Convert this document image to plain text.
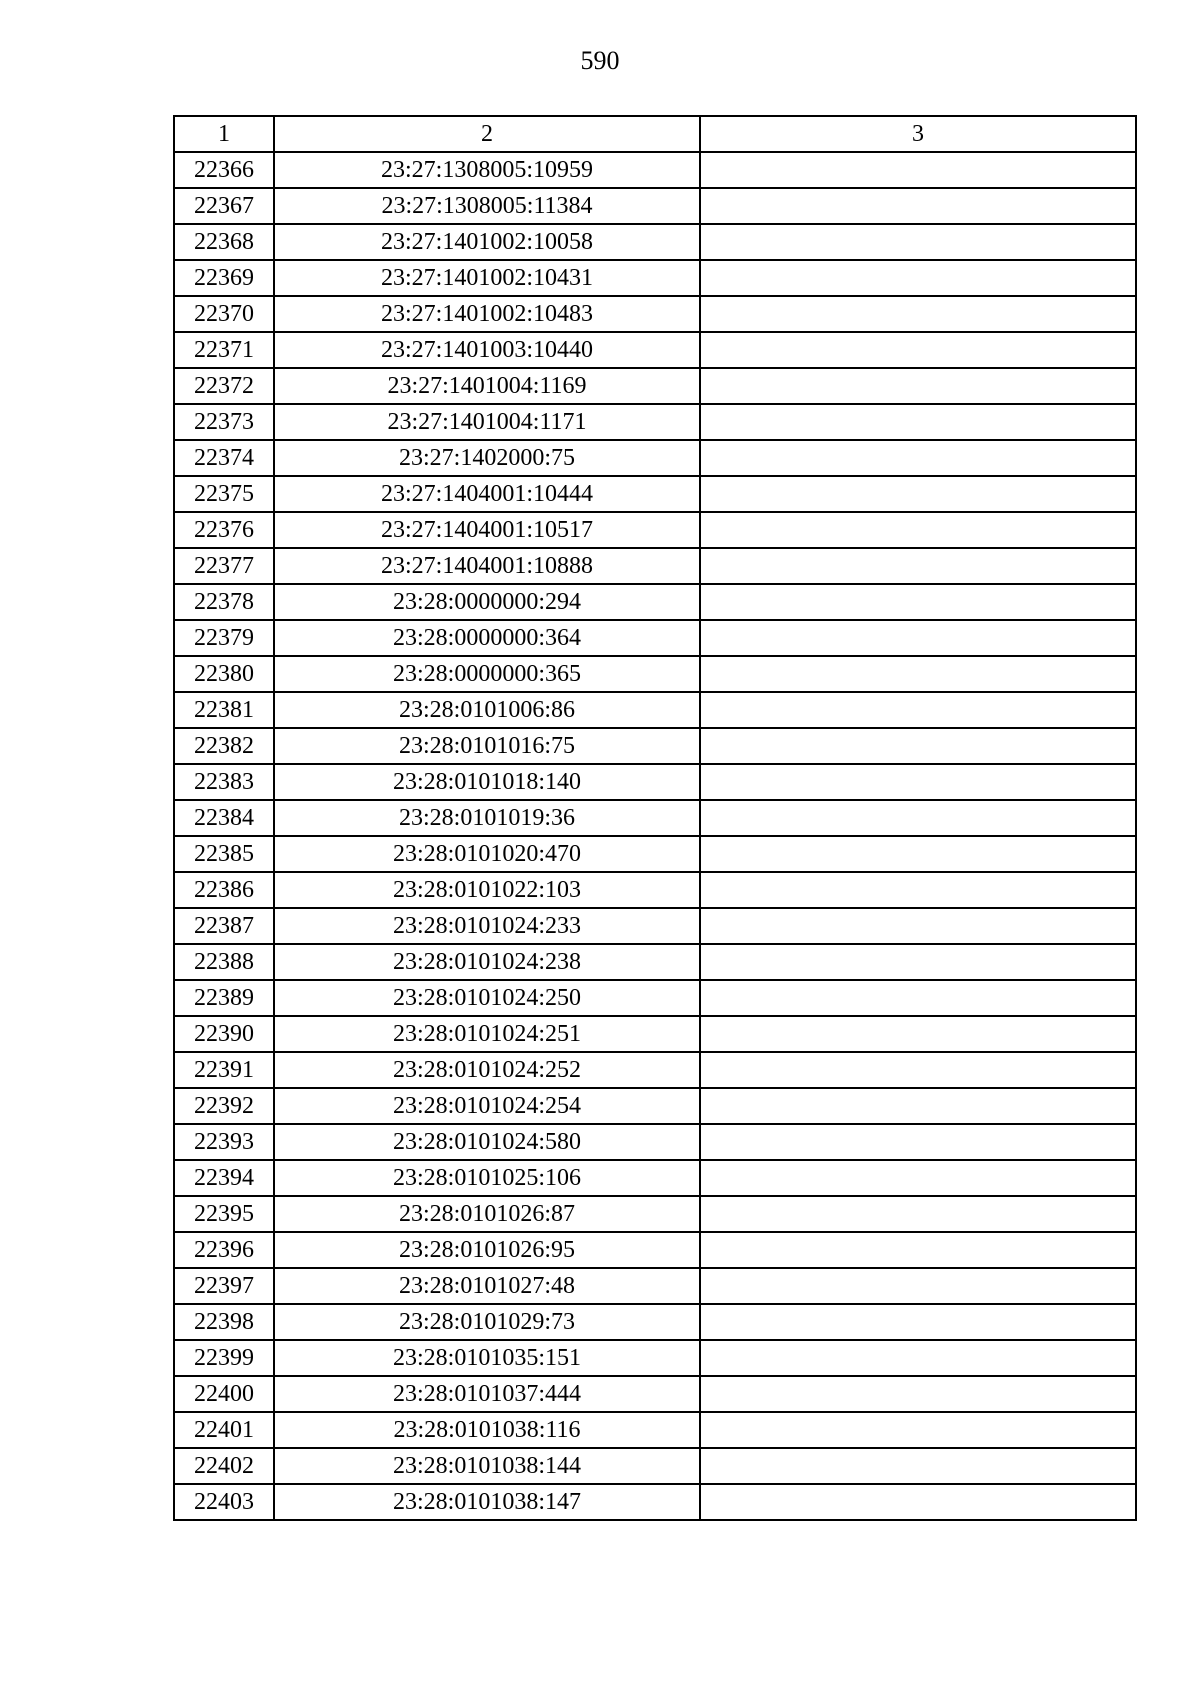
590
1	2	3
22366	23:27:1308005:10959	
22367	23:27:1308005:11384	
22368	23:27:1401002:10058	
22369	23:27:1401002:10431	
22370	23:27:1401002:10483	
22371	23:27:1401003:10440	
22372	23:27:1401004:1169	
22373	23:27:1401004:1171	
22374	23:27:1402000:75	
22375	23:27:1404001:10444	
22376	23:27:1404001:10517	
22377	23:27:1404001:10888	
22378	23:28:0000000:294	
22379	23:28:0000000:364	
22380	23:28:0000000:365	
22381	23:28:0101006:86	
22382	23:28:0101016:75	
22383	23:28:0101018:140	
22384	23:28:0101019:36	
22385	23:28:0101020:470	
22386	23:28:0101022:103	
22387	23:28:0101024:233	
22388	23:28:0101024:238	
22389	23:28:0101024:250	
22390	23:28:0101024:251	
22391	23:28:0101024:252	
22392	23:28:0101024:254	
22393	23:28:0101024:580	
22394	23:28:0101025:106	
22395	23:28:0101026:87	
22396	23:28:0101026:95	
22397	23:28:0101027:48	
22398	23:28:0101029:73	
22399	23:28:0101035:151	
22400	23:28:0101037:444	
22401	23:28:0101038:116	
22402	23:28:0101038:144	
22403	23:28:0101038:147	
